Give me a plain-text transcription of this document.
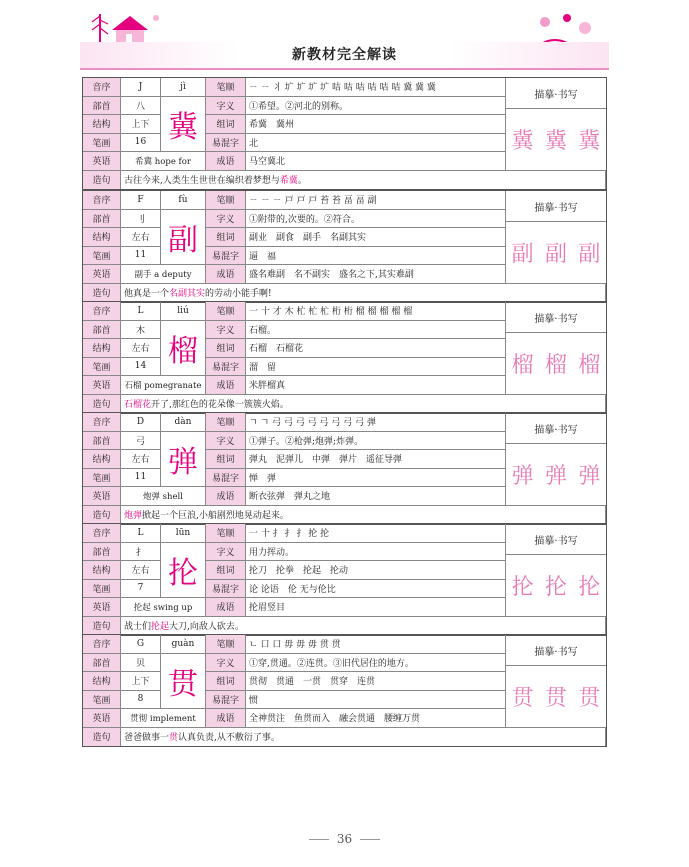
新教材完全解读
音序	J	jì	笔顺	ㄧ ㄧ 丬 圹 圹 圹 圹 咭 咭 咭 咭 咭 咭 冀 冀 冀
描摹·书写
冀 冀 冀
部首	八
冀
字义	①希望。②河北的别称。
结构	上下	组词	希冀　冀州
笔画	16	易混字	北
英语	希冀 hope for	成语	马空冀北
造句	古往今来,人类生生世世在编织着梦想与 希冀 。
音序	F	fù	笔顺	ㄧ ㄧ ㄧ 戸 戸 戸 苔 苔 畐 畐 副
描摹·书写
副 副 副
部首	刂
副
字义	①附带的,次要的。②符合。
结构	左右	组词	副业　副食　副手　名副其实
笔画	11	易混字	逼　福
英语	副手 a deputy	成语	盛名难副　名不副实　盛名之下,其实难副
造句	他真是一个 名副其实 的劳动小能手啊!
音序	L	liú	笔顺	一 十 才 木 杧 杧 杧 桁 桁 榴 榴 榴 榴 榴
描摹·书写
榴 榴 榴
部首	木
榴
字义	石榴。
结构	左右	组词	石榴　石榴花
笔画	14	易混字	溜　留
英语	石榴 pomegranate	成语	米胖榴真
造句	石榴花 开了,那红色的花朵像一簇簇火焰。
音序	D	dàn	笔顺	ㄱ ㄱ 弓 弓 弓 弓 弓 弓 弓 弓 弹
描摹·书写
弹 弹 弹
部首	弓
弹
字义	①弹子。②枪弹;炮弹;炸弹。
结构	左右	组词	弹丸　泥弹儿　中弹　弹片　遥征导弹
笔画	11	易混字	惮　弹
英语	炮弹 shell	成语	断衣弦弹　弹丸之地
造句	炮弹 掀起一个巨浪,小船剧烈地晃动起来。
音序	L	lūn	笔顺	一 十 扌 扌 扌 抡 抡
描摹·书写
抡 抡 抡
部首	扌
抡
字义	用力挥动。
结构	左右	组词	抡刀　抡拳　抡起　抡动
笔画	7	易混字	论 论语　伦 无与伦比
英语	抡起 swing up	成语	抡眉竖目
造句	战士们 抡起 大刀,向敌人砍去。
音序	G	guàn	笔顺	ㄴ 口 口 毋 毋 毋 贯 贯
描摹·书写
贯 贯 贯
部首	贝
贯
字义	①穿,贯通。②连贯。③旧代居住的地方。
结构	上下	组词	贯彻　贯通　一贯　贯穿　连贯
笔画	8	易混字	惯
英语	贯彻 implement	成语	全神贯注　鱼贯而入　融会贯通　腰缠万贯
造句	爸爸做事一 贯 认真负责,从不敷衍了事。
36
